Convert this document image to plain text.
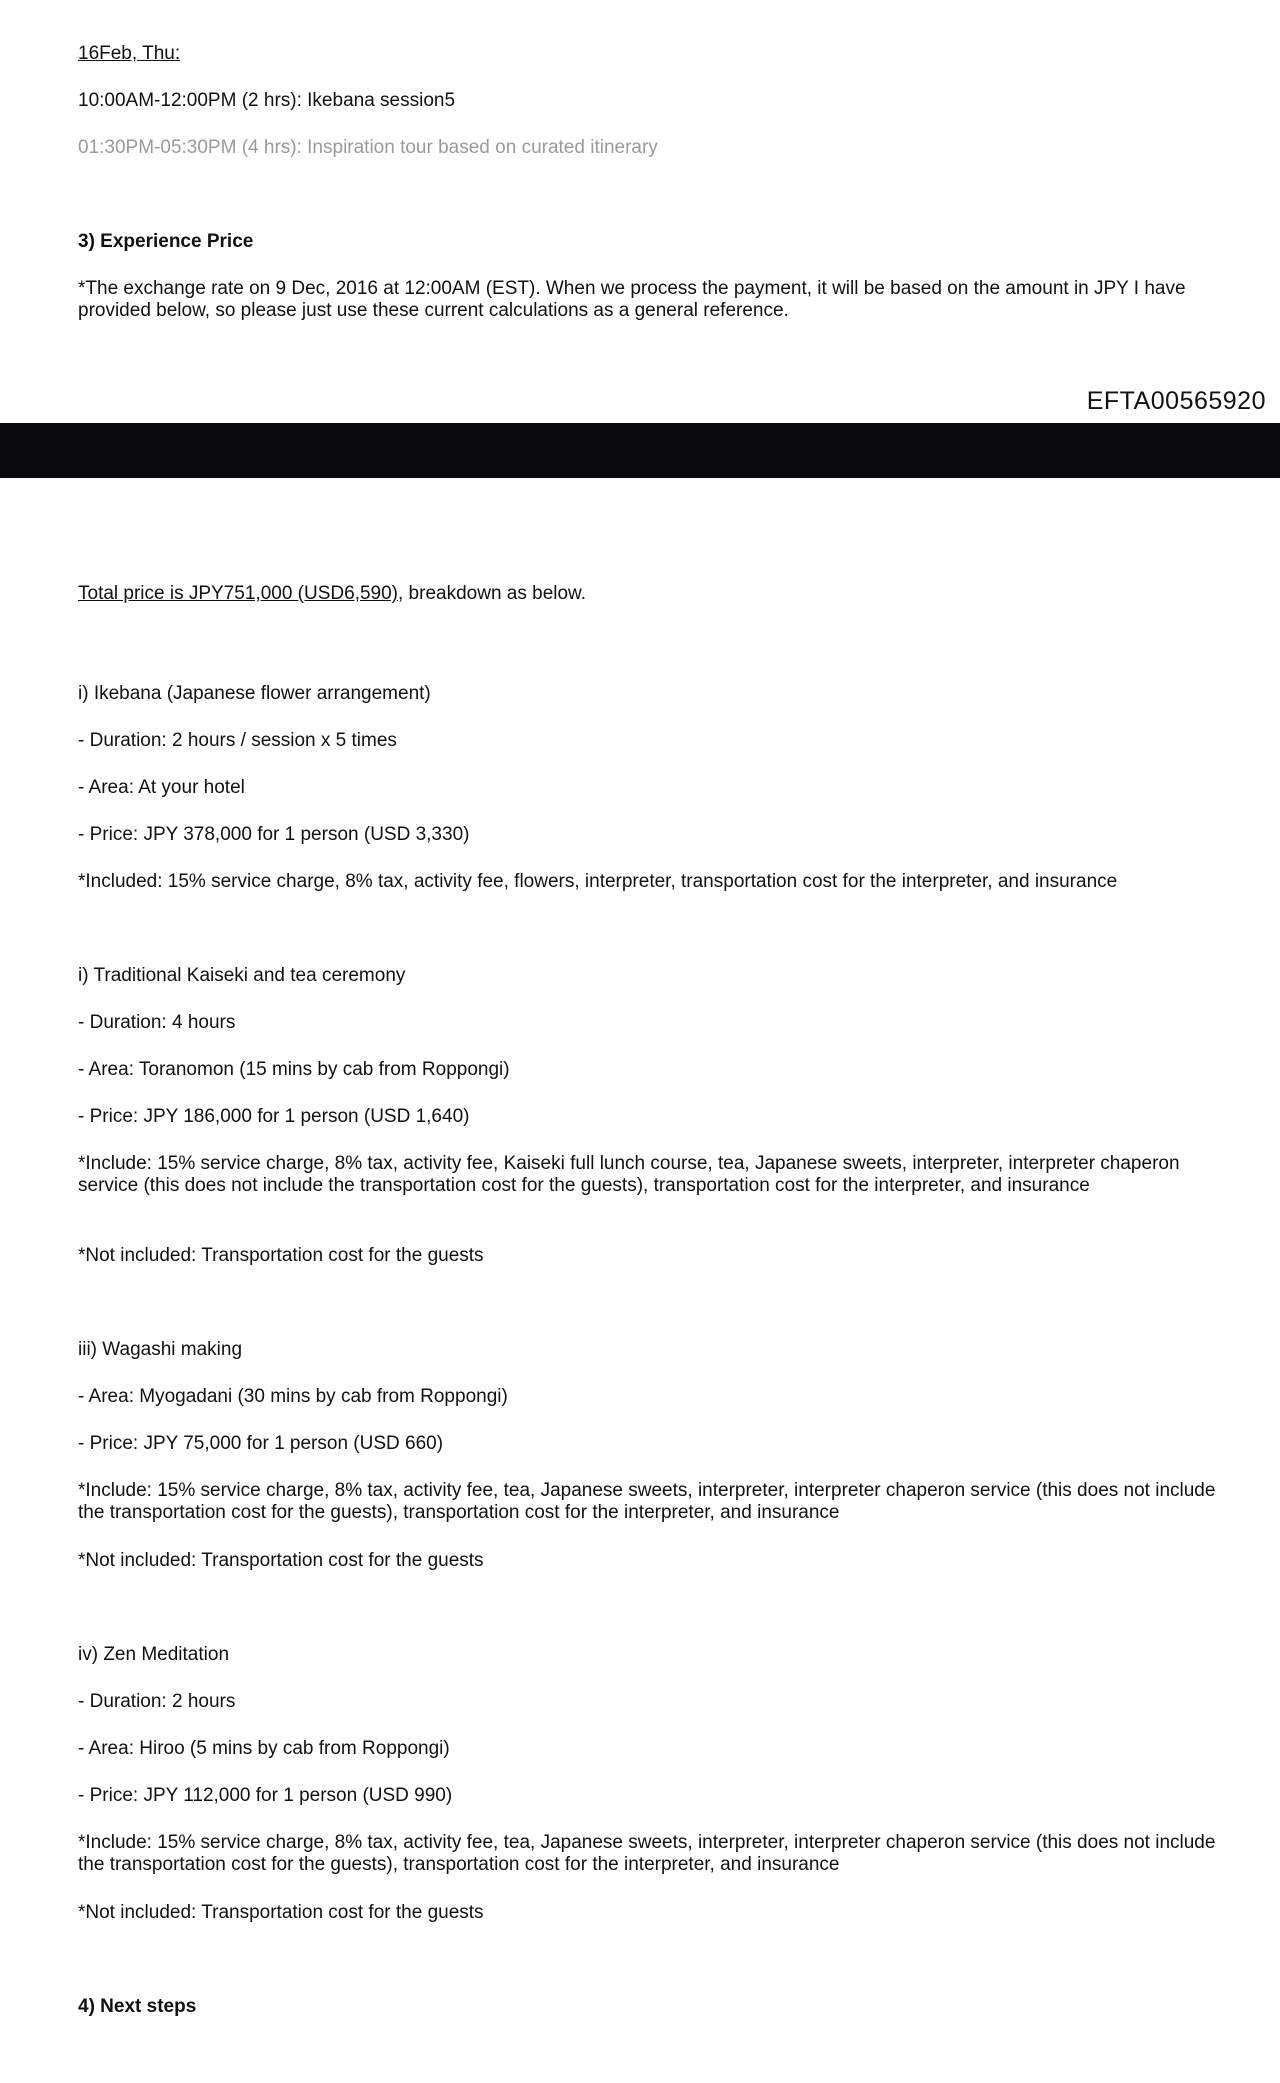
16Feb, Thu:
10:00AM-12:00PM (2 hrs): Ikebana session5
01:30PM-05:30PM (4 hrs): Inspiration tour based on curated itinerary
3) Experience Price
*The exchange rate on 9 Dec, 2016 at 12:00AM (EST). When we process the payment, it will be based on the amount in JPY I have provided below, so please just use these current calculations as a general reference.
EFTA00565920
Total price is JPY751,000 (USD6,590), breakdown as below.
i) Ikebana (Japanese flower arrangement)
- Duration: 2 hours / session x 5 times
- Area: At your hotel
- Price: JPY 378,000 for 1 person (USD 3,330)
*Included: 15% service charge, 8% tax, activity fee, flowers, interpreter, transportation cost for the interpreter, and insurance
i) Traditional Kaiseki and tea ceremony
- Duration: 4 hours
- Area: Toranomon (15 mins by cab from Roppongi)
- Price: JPY 186,000 for 1 person (USD 1,640)
*Include: 15% service charge, 8% tax, activity fee, Kaiseki full lunch course, tea, Japanese sweets, interpreter, interpreter chaperon service (this does not include the transportation cost for the guests), transportation cost for the interpreter, and insurance
*Not included: Transportation cost for the guests
iii) Wagashi making
- Area: Myogadani (30 mins by cab from Roppongi)
- Price: JPY 75,000 for 1 person (USD 660)
*Include: 15% service charge, 8% tax, activity fee, tea, Japanese sweets, interpreter, interpreter chaperon service (this does not include the transportation cost for the guests), transportation cost for the interpreter, and insurance
*Not included: Transportation cost for the guests
iv) Zen Meditation
- Duration: 2 hours
- Area: Hiroo (5 mins by cab from Roppongi)
- Price: JPY 112,000 for 1 person (USD 990)
*Include: 15% service charge, 8% tax, activity fee, tea, Japanese sweets, interpreter, interpreter chaperon service (this does not include the transportation cost for the guests), transportation cost for the interpreter, and insurance
*Not included: Transportation cost for the guests
4) Next steps
